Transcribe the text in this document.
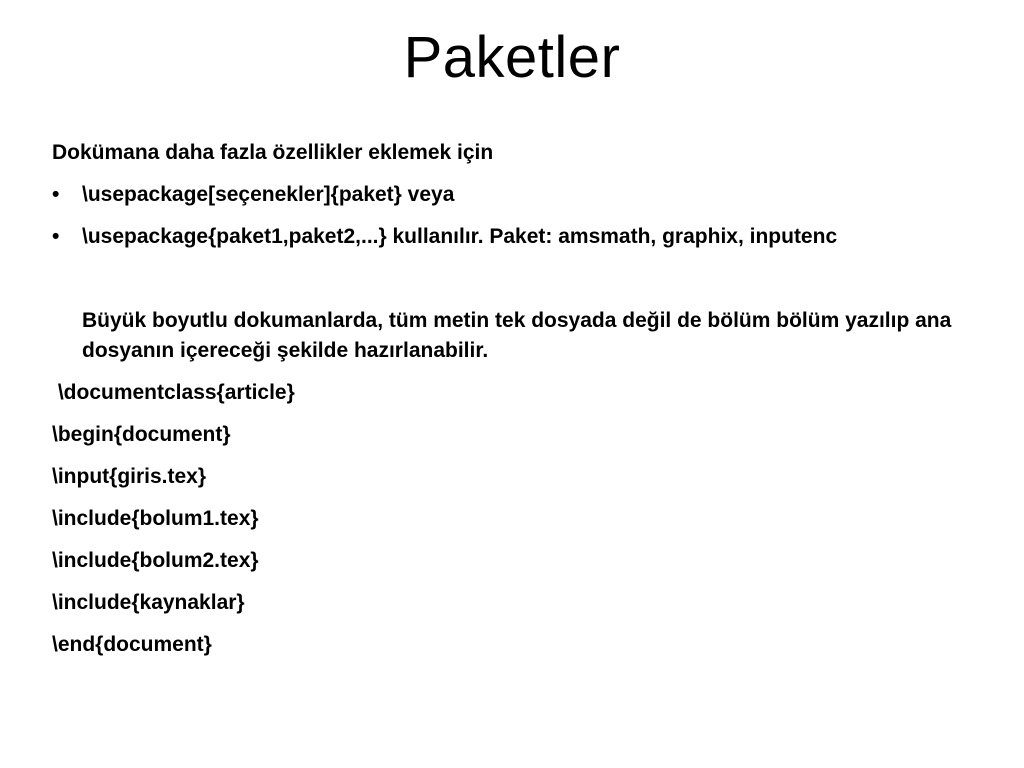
Paketler

Dokümana daha fazla özellikler eklemek için

•	\usepackage[seçenekler]{paket} veya
•	\usepackage{paket1,paket2,...} kullanılır. Paket: amsmath, graphix, inputenc

Büyük boyutlu dokumanlarda, tüm metin tek dosyada değil de bölüm bölüm yazılıp ana dosyanın içereceği şekilde hazırlanabilir.

\documentclass{article}

\begin{document}

\input{giris.tex}

\include{bolum1.tex}

\include{bolum2.tex}

\include{kaynaklar}

\end{document}
